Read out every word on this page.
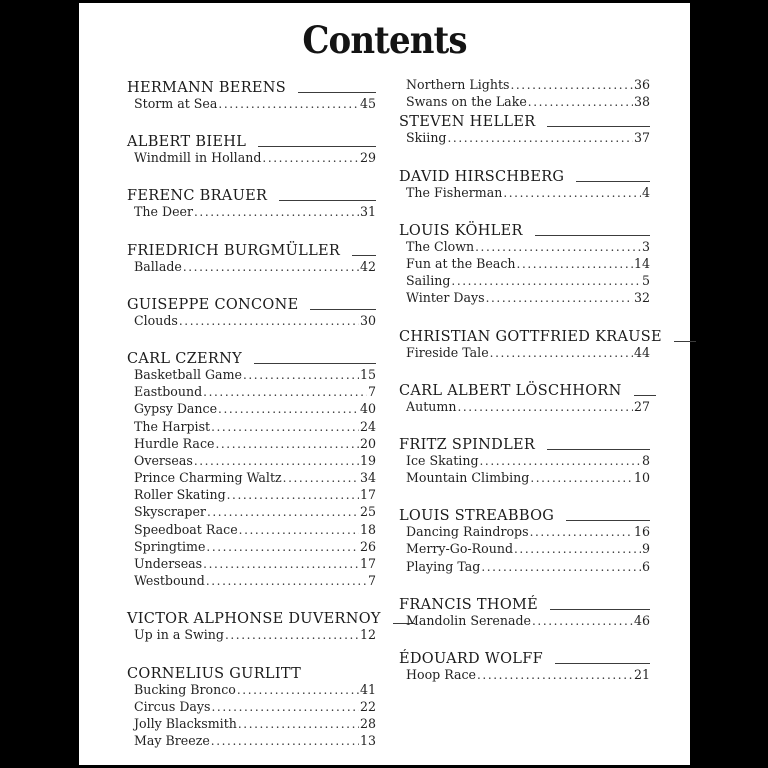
Contents
HERMANN BERENS
Storm at Sea .....	45
ALBERT BIEHL
Windmill in Holland .....	29
FERENC BRAUER
The Deer .....	31
FRIEDRICH BURGMÜLLER
Ballade .....	42
GUISEPPE CONCONE
Clouds .....	30
CARL CZERNY
Basketball Game .....	15
Eastbound .....	7
Gypsy Dance .....	40
The Harpist .....	24
Hurdle Race .....	20
Overseas .....	19
Prince Charming Waltz .....	34
Roller Skating .....	17
Skyscraper .....	25
Speedboat Race .....	18
Springtime .....	26
Underseas .....	17
Westbound .....	7
VICTOR ALPHONSE DUVERNOY
Up in a Swing .....	12
CORNELIUS GURLITT
Bucking Bronco .....	41
Circus Days .....	22
Jolly Blacksmith .....	28
May Breeze .....	13
Northern Lights .....	36
Swans on the Lake .....	38
STEVEN HELLER
Skiing .....	37
DAVID HIRSCHBERG
The Fisherman .....	4
LOUIS KÖHLER
The Clown .....	3
Fun at the Beach .....	14
Sailing .....	5
Winter Days .....	32
CHRISTIAN GOTTFRIED KRAUSE
Fireside Tale .....	44
CARL ALBERT LÖSCHHORN
Autumn .....	27
FRITZ SPINDLER
Ice Skating .....	8
Mountain Climbing .....	10
LOUIS STREABBOG
Dancing Raindrops .....	16
Merry-Go-Round .....	9
Playing Tag .....	6
FRANCIS THOMÉ
Mandolin Serenade .....	46
ÉDOUARD WOLFF
Hoop Race .....	21
